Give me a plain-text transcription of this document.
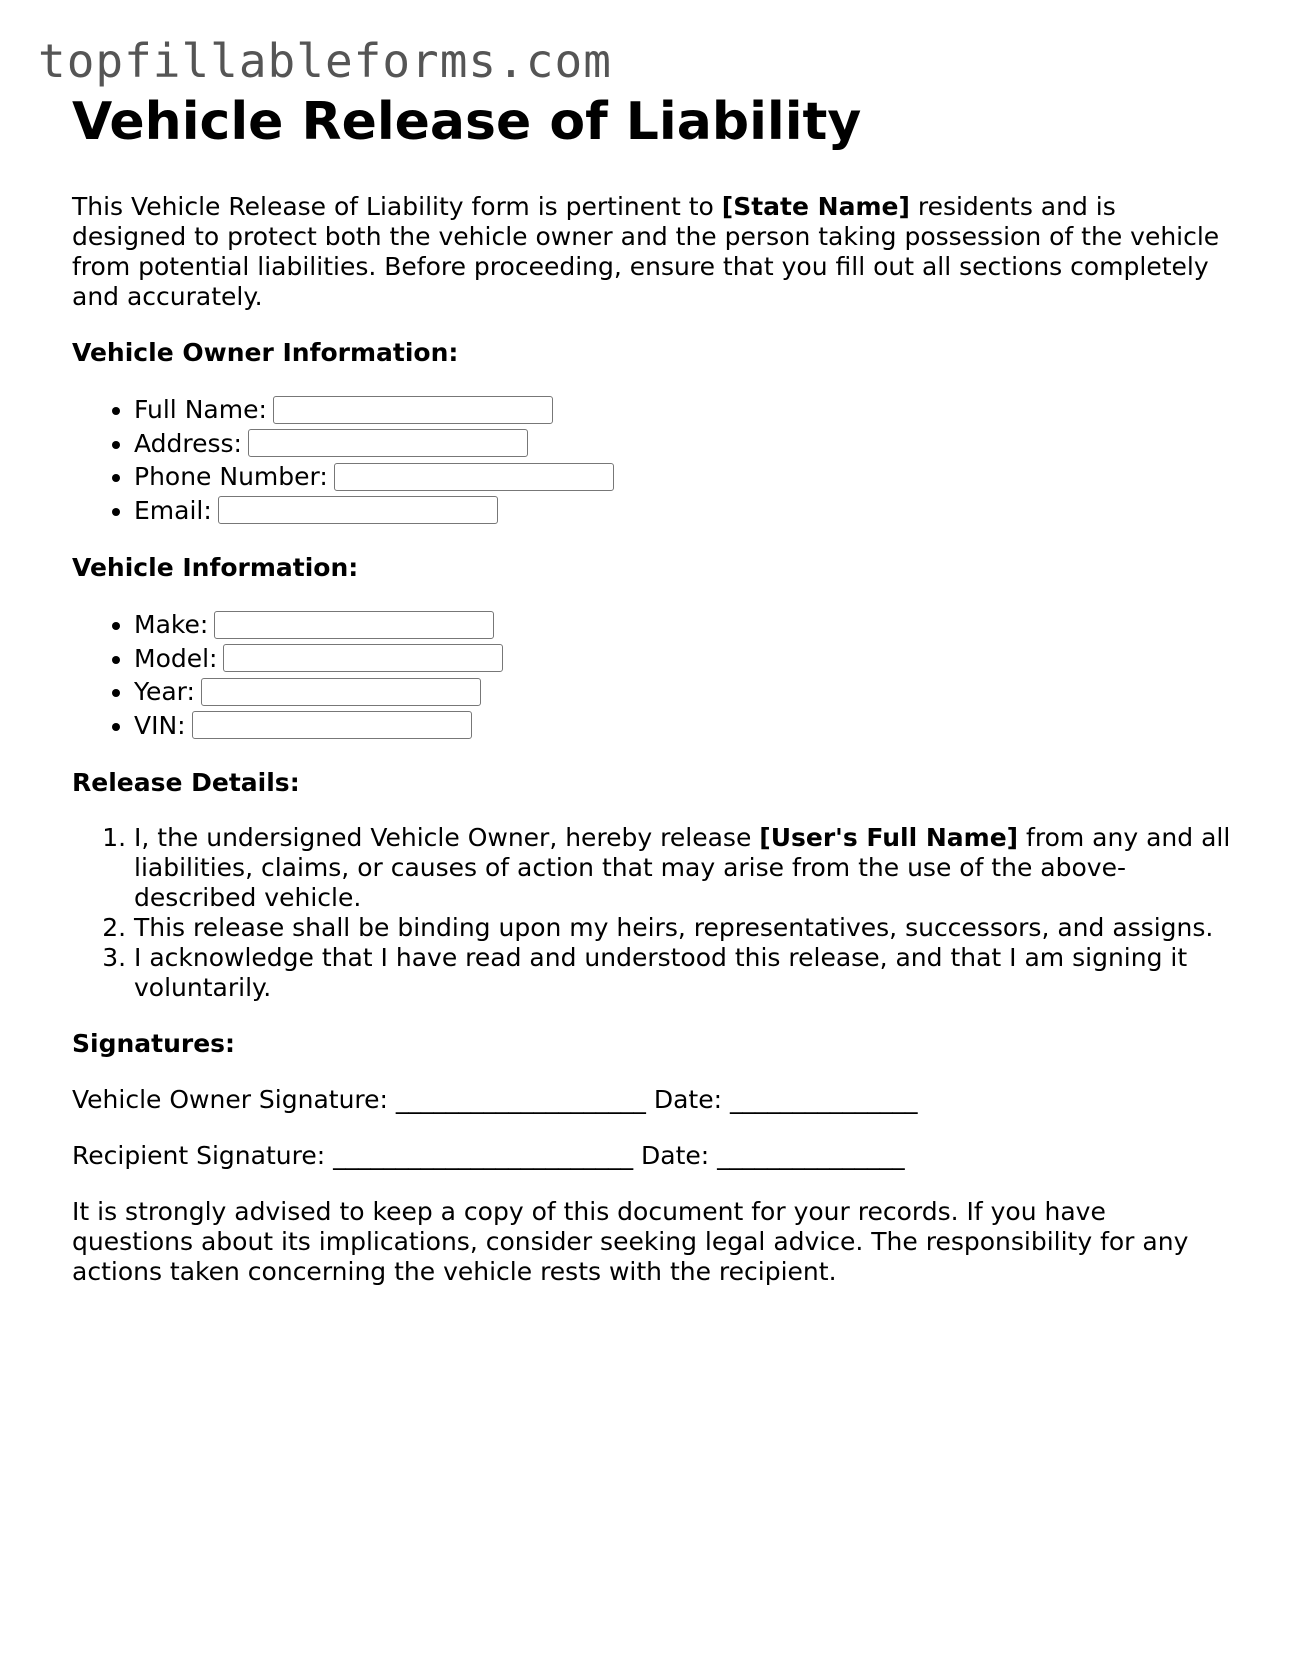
topfillableforms.com
Vehicle Release of Liability

This Vehicle Release of Liability form is pertinent to [State Name] residents and is designed to protect both the vehicle owner and the person taking possession of the vehicle from potential liabilities. Before proceeding, ensure that you fill out all sections completely and accurately.

Vehicle Owner Information:
• Full Name:
• Address:
• Phone Number:
• Email:
Vehicle Information:
• Make:
• Model:
• Year:
• VIN:
Release Details:
1. I, the undersigned Vehicle Owner, hereby release [User's Full Name] from any and all liabilities, claims, or causes of action that may arise from the use of the above-described vehicle.
2. This release shall be binding upon my heirs, representatives, successors, and assigns.
3. I acknowledge that I have read and understood this release, and that I am signing it voluntarily.
Signatures:

Vehicle Owner Signature: ____________________ Date: _______________

Recipient Signature: ________________________ Date: _______________

It is strongly advised to keep a copy of this document for your records. If you have questions about its implications, consider seeking legal advice. The responsibility for any actions taken concerning the vehicle rests with the recipient.
